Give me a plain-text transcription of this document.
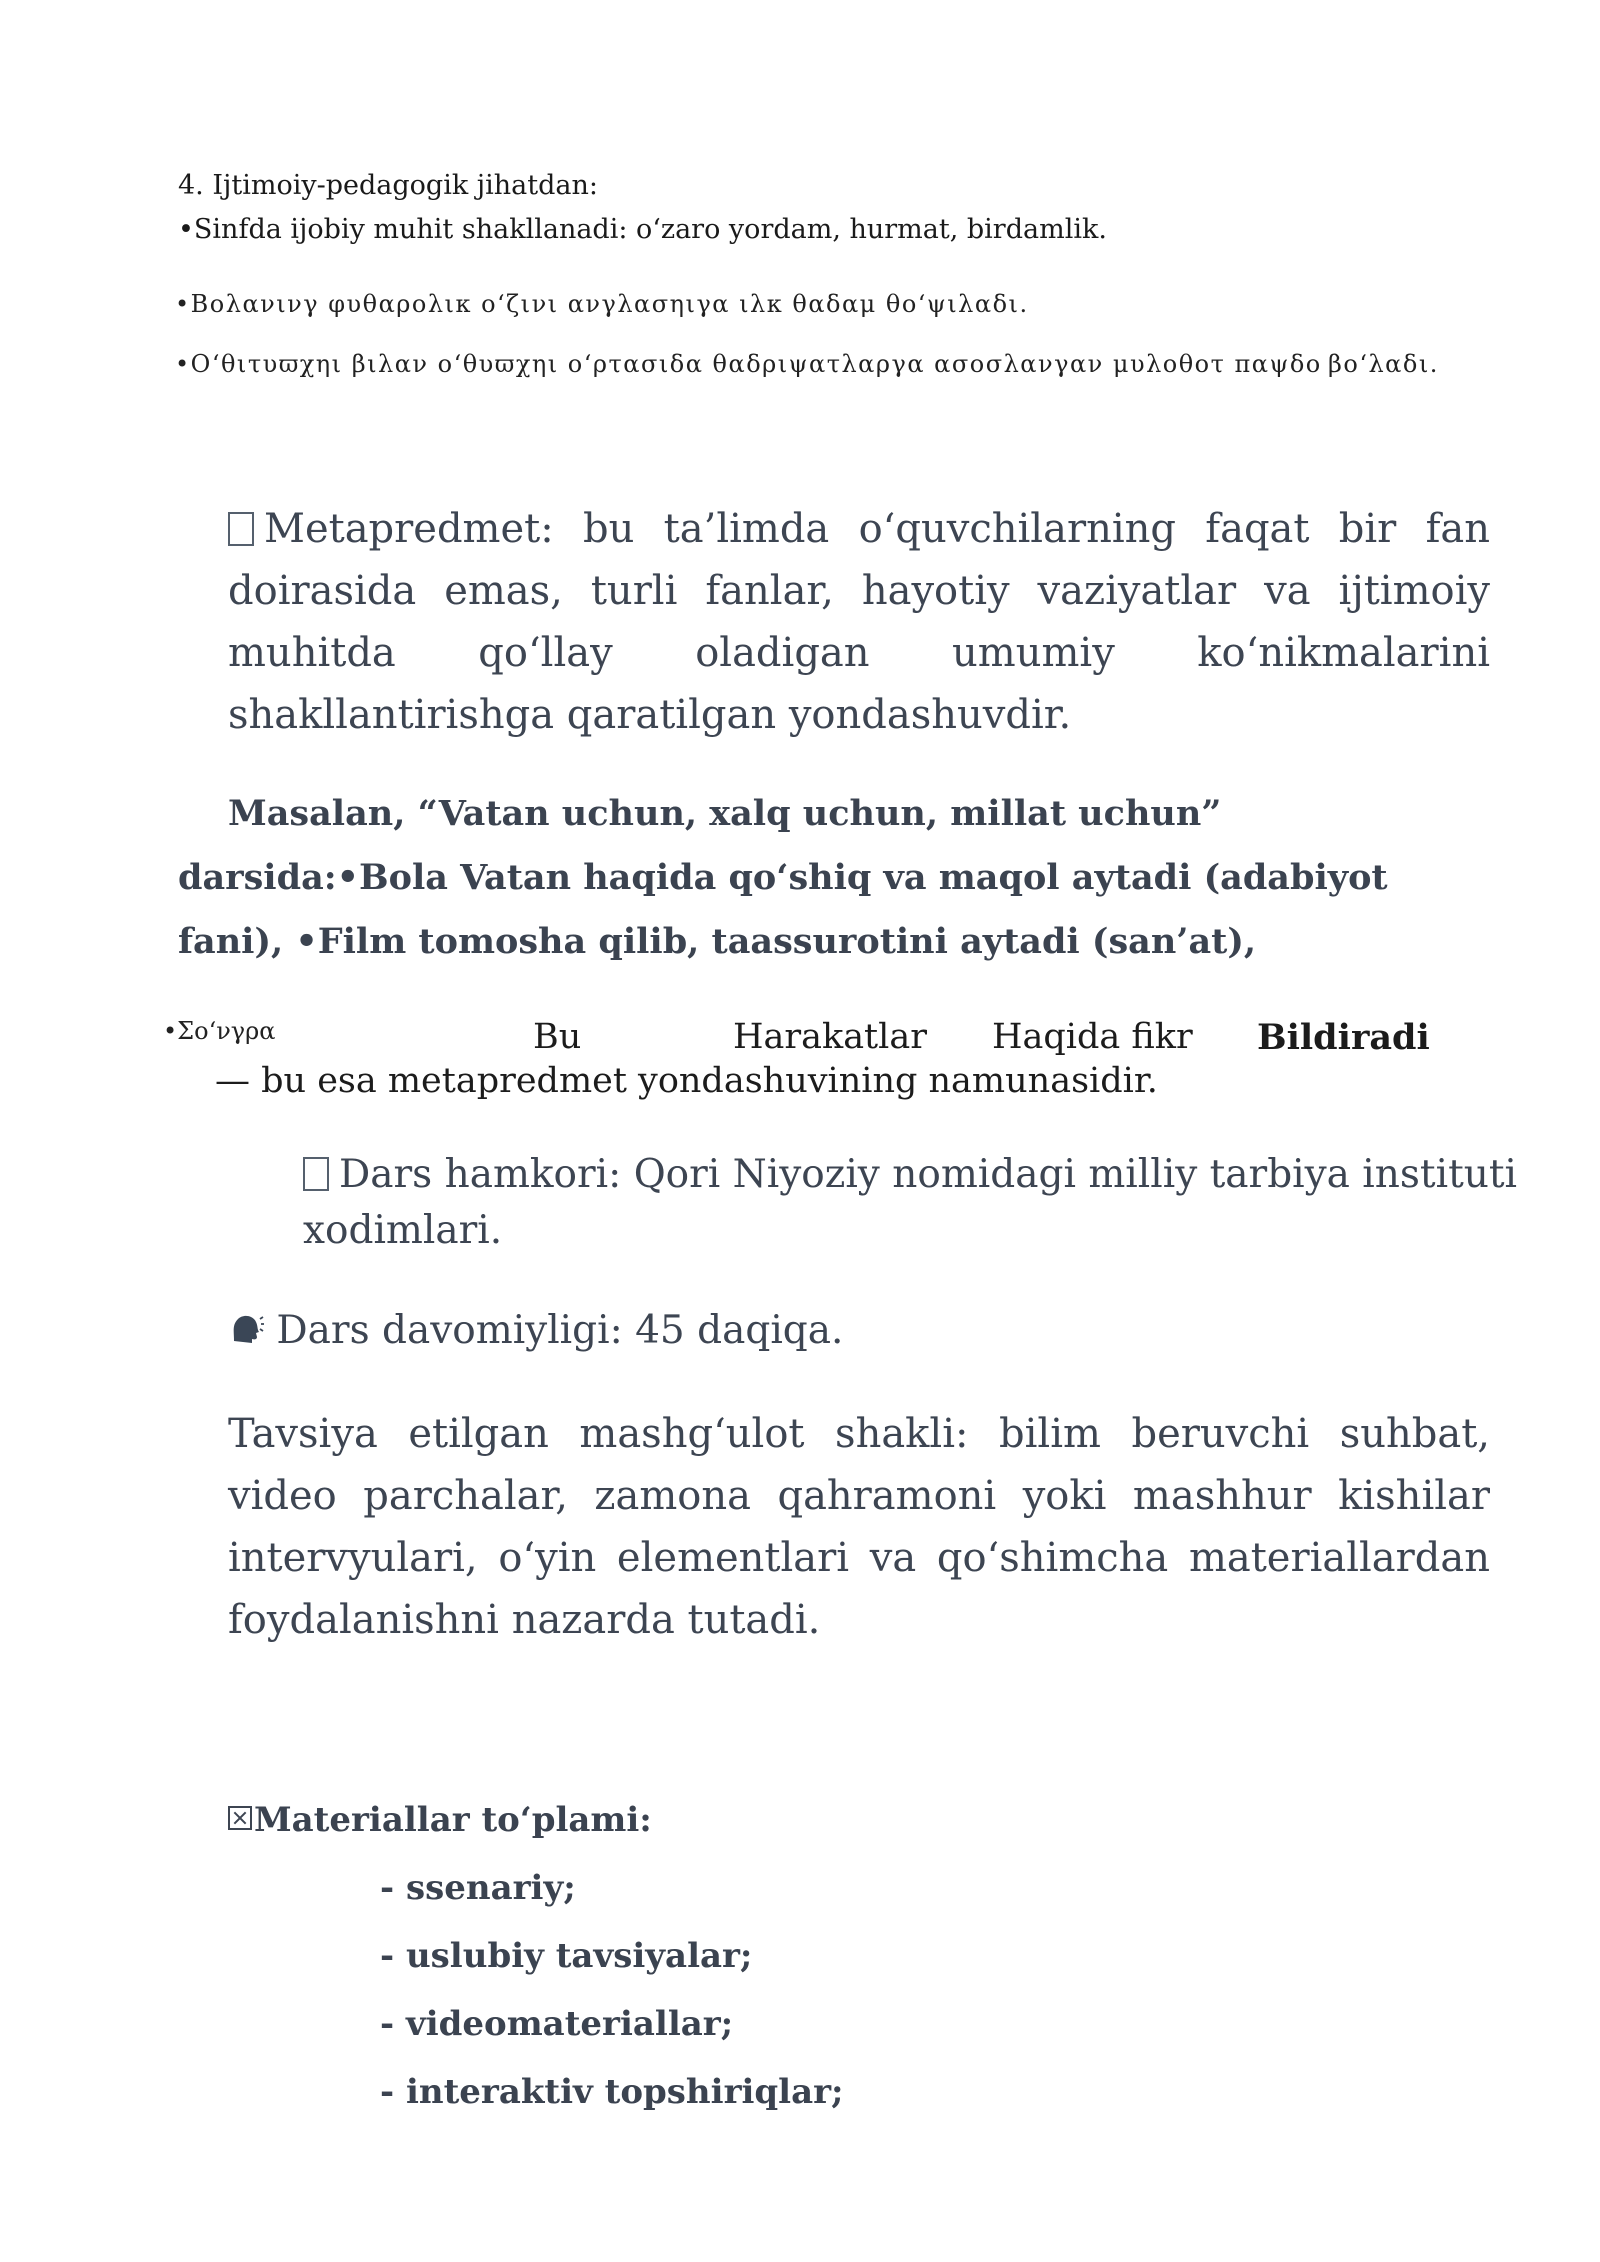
4. Ijtimoiy-pedagogik jihatdan:
•Sinfda ijobiy muhit shakllanadi: o‘zaro yordam, hurmat, birdamlik.
•Βολανινγ φυθαρολικ οʻζινι ανγλασηιγα ιλκ θαδαμ θοʻψιλαδι.
•Οʻθιτυϖχηι βιλαν οʻθυϖχηι οʻρτασιδα θαδριψατλαργα ασοσλανγαν μυλοθοτ παψδο βοʻλαδι.
Metapredmet: bu ta’limda o‘quvchilarning faqat bir fan doirasida emas, turli fanlar, hayotiy vaziyatlar va ijtimoiy muhitda qo‘llay oladigan umumiy ko‘nikmalarini shakllantirishga qaratilgan yondashuvdir.
Masalan, “Vatan uchun, xalq uchun, millat uchun”
darsida:•Bola Vatan haqida qo‘shiq va maqol aytadi (adabiyot
fani), •Film tomosha qilib, taassurotini aytadi (san’at),
•Σοʻνγρα	Bu	Harakatlar Haqida fikr Bildiradi
— bu esa metapredmet yondashuvining namunasidir.
Dars hamkori: Qori Niyoziy nomidagi milliy tarbiya instituti
xodimlari.
Dars davomiyligi: 45 daqiqa.
Tavsiya etilgan mashg‘ulot shakli: bilim beruvchi suhbat, video parchalar, zamona qahramoni yoki mashhur kishilar intervyulari, o‘yin elementlari va qo‘shimcha materiallardan foydalanishni nazarda tutadi.
Materiallar to‘plami:
- ssenariy;
- uslubiy tavsiyalar;
- videomateriallar;
- interaktiv topshiriqlar;
